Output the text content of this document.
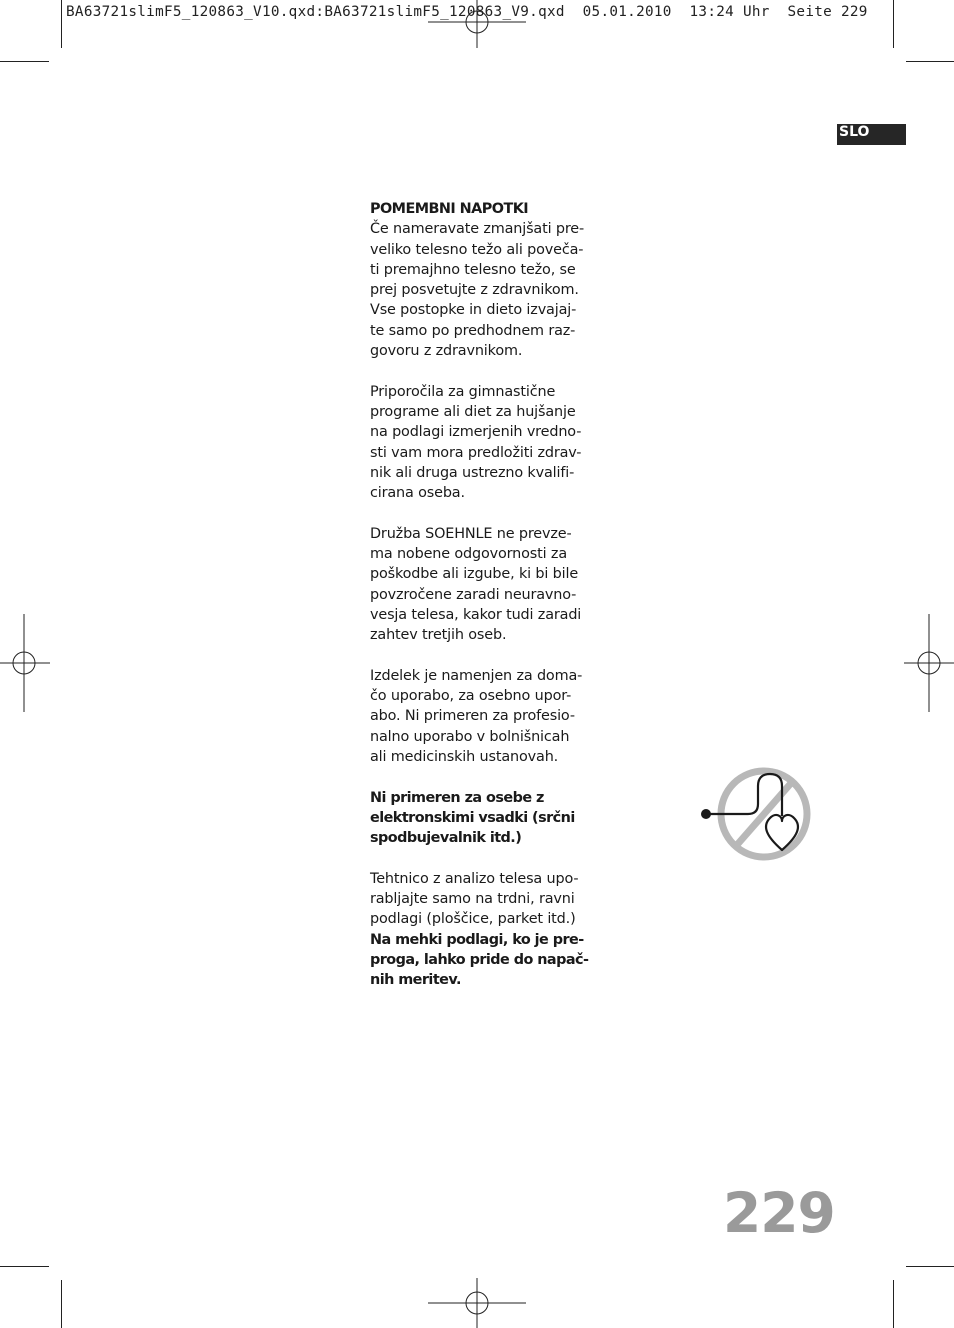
BA63721slimF5_120863_V10.qxd:BA63721slimF5_120863_V9.qxd  05.01.2010  13:24 Uhr  Seite 229
SLO

POMEMBNI NAPOTKI
Če nameravate zmanjšati pre-
veliko telesno težo ali poveča-
ti premajhno telesno težo, se
prej posvetujte z zdravnikom.
Vse postopke in dieto izvajaj-
te samo po predhodnem raz-
govoru z zdravnikom.

Priporočila za gimnastične
programe ali diet za hujšanje
na podlagi izmerjenih vredno-
sti vam mora predložiti zdrav-
nik ali druga ustrezno kvalifi-
cirana oseba.

Družba SOEHNLE ne prevze-
ma nobene odgovornosti za
poškodbe ali izgube, ki bi bile
povzročene zaradi neuravno-
vesja telesa, kakor tudi zaradi
zahtev tretjih oseb.

Izdelek je namenjen za doma-
čo uporabo, za osebno upor-
abo. Ni primeren za profesio-
nalno uporabo v bolnišnicah
ali medicinskih ustanovah.

Ni primeren za osebe z
elektronskimi vsadki (srčni
spodbujevalnik itd.)

Tehtnico z analizo telesa upo-
rabljajte samo na trdni, ravni
podlagi (ploščice, parket itd.)
Na mehki podlagi, ko je pre-
proga, lahko pride do napač-
nih meritev.

229
